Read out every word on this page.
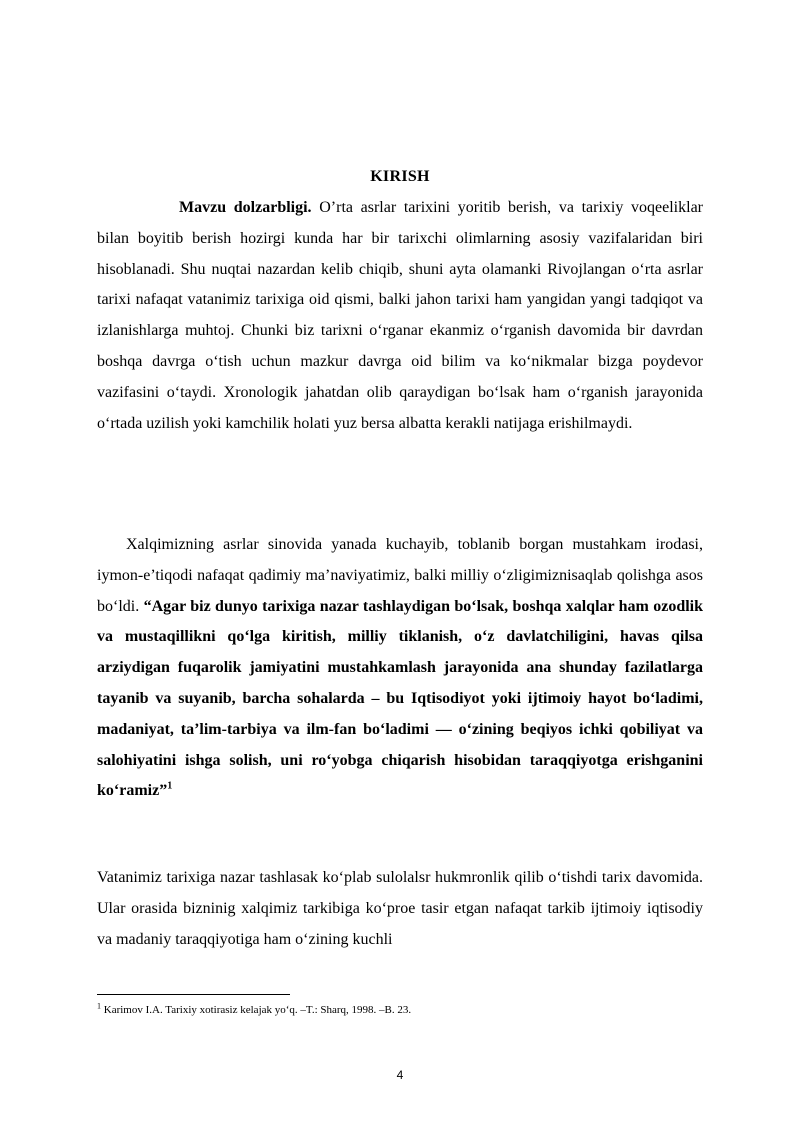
KIRISH

Mavzu dolzarbligi. O’rta asrlar tarixini yoritib berish, va tarixiy voqeeliklar bilan boyitib berish hozirgi kunda har bir tarixchi olimlarning asosiy vazifalaridan biri hisoblanadi. Shu nuqtai nazardan kelib chiqib, shuni ayta olamanki Rivojlangan o‘rta asrlar tarixi nafaqat vatanimiz tarixiga oid qismi, balki jahon tarixi ham yangidan yangi tadqiqot va izlanishlarga muhtoj. Chunki biz tarixni o‘rganar ekanmiz o‘rganish davomida bir davrdan boshqa davrga o‘tish uchun mazkur davrga oid bilim va ko‘nikmalar bizga poydevor vazifasini o‘taydi. Xronologik jahatdan olib qaraydigan bo‘lsak ham o‘rganish jarayonida o‘rtada uzilish yoki kamchilik holati yuz bersa albatta kerakli natijaga erishilmaydi.

Xalqimizning asrlar sinovida yanada kuchayib, toblanib borgan mustahkam irodasi, iymon-e’tiqodi nafaqat qadimiy ma’naviyatimiz, balki milliy o‘zligimiznisaqlab qolishga asos bo‘ldi. “Agar biz dunyo tarixiga nazar tashlaydigan bo‘lsak, boshqa xalqlar ham ozodlik va mustaqillikni qo‘lga kiritish, milliy tiklanish, o‘z davlatchiligini, havas qilsa arziydigan fuqarolik jamiyatini mustahkamlash jarayonida ana shunday fazilatlarga tayanib va suyanib, barcha sohalarda – bu Iqtisodiyot yoki ijtimoiy hayot bo‘ladimi, madaniyat, ta’lim-tarbiya va ilm-fan bo‘ladimi — o‘zining beqiyos ichki qobiliyat va salohiyatini ishga solish, uni ro‘yobga chiqarish hisobidan taraqqiyotga erishganini ko‘ramiz”$^1$

Vatanimiz tarixiga nazar tashlasak ko‘plab sulolalsr hukmronlik qilib o‘tishdi tarix davomida. Ular orasida bizninig xalqimiz tarkibiga ko‘proe tasir etgan nafaqat tarkib ijtimoiy iqtisodiy va madaniy taraqqiyotiga ham o‘zining kuchli

$^1$ Karimov I.A. Tarixiy xotirasiz kelajak yo‘q. –T.: Sharq, 1998. –B. 23.
4
